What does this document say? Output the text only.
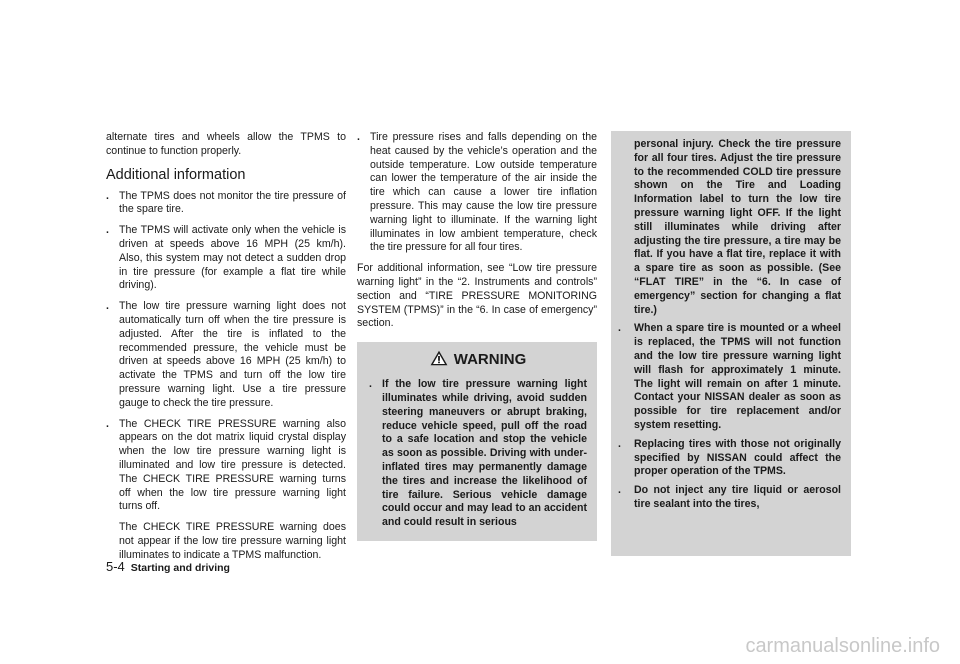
alternate tires and wheels allow the TPMS to continue to function properly.

Additional information
. The TPMS does not monitor the tire pressure of the spare tire.
. The TPMS will activate only when the vehicle is driven at speeds above 16 MPH (25 km/h). Also, this system may not detect a sudden drop in tire pressure (for example a flat tire while driving).
. The low tire pressure warning light does not automatically turn off when the tire pressure is adjusted. After the tire is inflated to the recommended pressure, the vehicle must be driven at speeds above 16 MPH (25 km/h) to activate the TPMS and turn off the low tire pressure warning light. Use a tire pressure gauge to check the tire pressure.
. The CHECK TIRE PRESSURE warning also appears on the dot matrix liquid crystal display when the low tire pressure warning light is illuminated and low tire pressure is detected. The CHECK TIRE PRESSURE warning turns off when the low tire pressure warning light turns off.

The CHECK TIRE PRESSURE warning does not appear if the low tire pressure warning light illuminates to indicate a TPMS malfunction.

. Tire pressure rises and falls depending on the heat caused by the vehicle’s operation and the outside temperature. Low outside temperature can lower the temperature of the air inside the tire which can cause a lower tire inflation pressure. This may cause the low tire pressure warning light to illuminate. If the warning light illuminates in low ambient temperature, check the tire pressure for all four tires.

For additional information, see “Low tire pressure warning light” in the “2. Instruments and controls” section and “TIRE PRESSURE MONITORING SYSTEM (TPMS)” in the “6. In case of emergency” section.

WARNING
. If the low tire pressure warning light illuminates while driving, avoid sudden steering maneuvers or abrupt braking, reduce vehicle speed, pull off the road to a safe location and stop the vehicle as soon as possible. Driving with under-inflated tires may permanently damage the tires and increase the likelihood of tire failure. Serious vehicle damage could occur and may lead to an accident and could result in serious

personal injury. Check the tire pressure for all four tires. Adjust the tire pressure to the recommended COLD tire pressure shown on the Tire and Loading Information label to turn the low tire pressure warning light OFF. If the light still illuminates while driving after adjusting the tire pressure, a tire may be flat. If you have a flat tire, replace it with a spare tire as soon as possible. (See “FLAT TIRE” in the “6. In case of emergency” section for changing a flat tire.)

. When a spare tire is mounted or a wheel is replaced, the TPMS will not function and the low tire pressure warning light will flash for approximately 1 minute. The light will remain on after 1 minute. Contact your NISSAN dealer as soon as possible for tire replacement and/or system resetting.
. Replacing tires with those not originally specified by NISSAN could affect the proper operation of the TPMS.
. Do not inject any tire liquid or aerosol tire sealant into the tires,
5-4 Starting and driving
carmanualsonline.info
